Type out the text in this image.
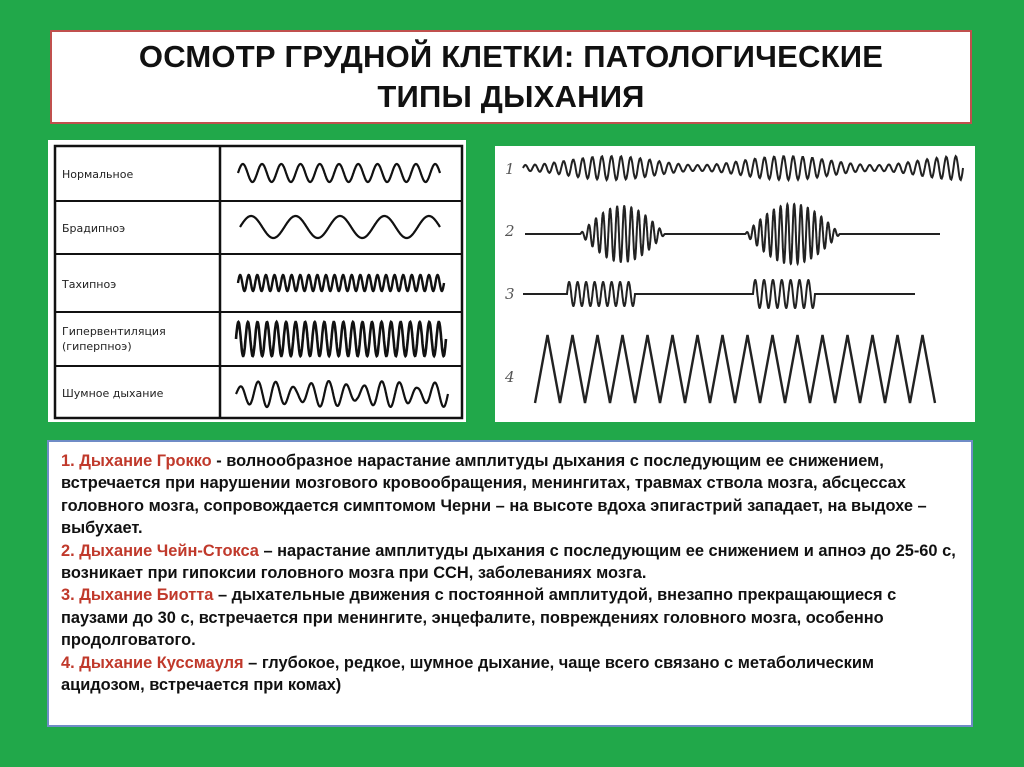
ОСМОТР ГРУДНОЙ КЛЕТКИ: ПАТОЛОГИЧЕСКИЕ
ТИПЫ ДЫХАНИЯ
Нормальное
Брадипноэ
Тахипноэ
Гипервентиляция
(гиперпноэ)
Шумное дыхание
1
2
3
4

1. Дыхание Грокко - волнообразное нарастание амплитуды дыхания с последующим ее снижением, встречается при нарушении мозгового кровообращения, менингитах, травмах ствола мозга, абсцессах головного мозга, сопровождается симптомом Черни – на высоте вдоха эпигастрий западает, на выдохе – выбухает.

2. Дыхание Чейн-Стокса – нарастание амплитуды дыхания с последующим ее снижением и апноэ до 25-60 с, возникает при гипоксии головного мозга при ССН, заболеваниях мозга.

3. Дыхание Биотта – дыхательные движения с постоянной амплитудой, внезапно прекращающиеся с паузами до 30 с, встречается при менингите, энцефалите, повреждениях головного мозга, особенно продолговатого.

4. Дыхание Куссмауля – глубокое, редкое, шумное дыхание, чаще всего связано с метаболическим ацидозом, встречается при комах)
